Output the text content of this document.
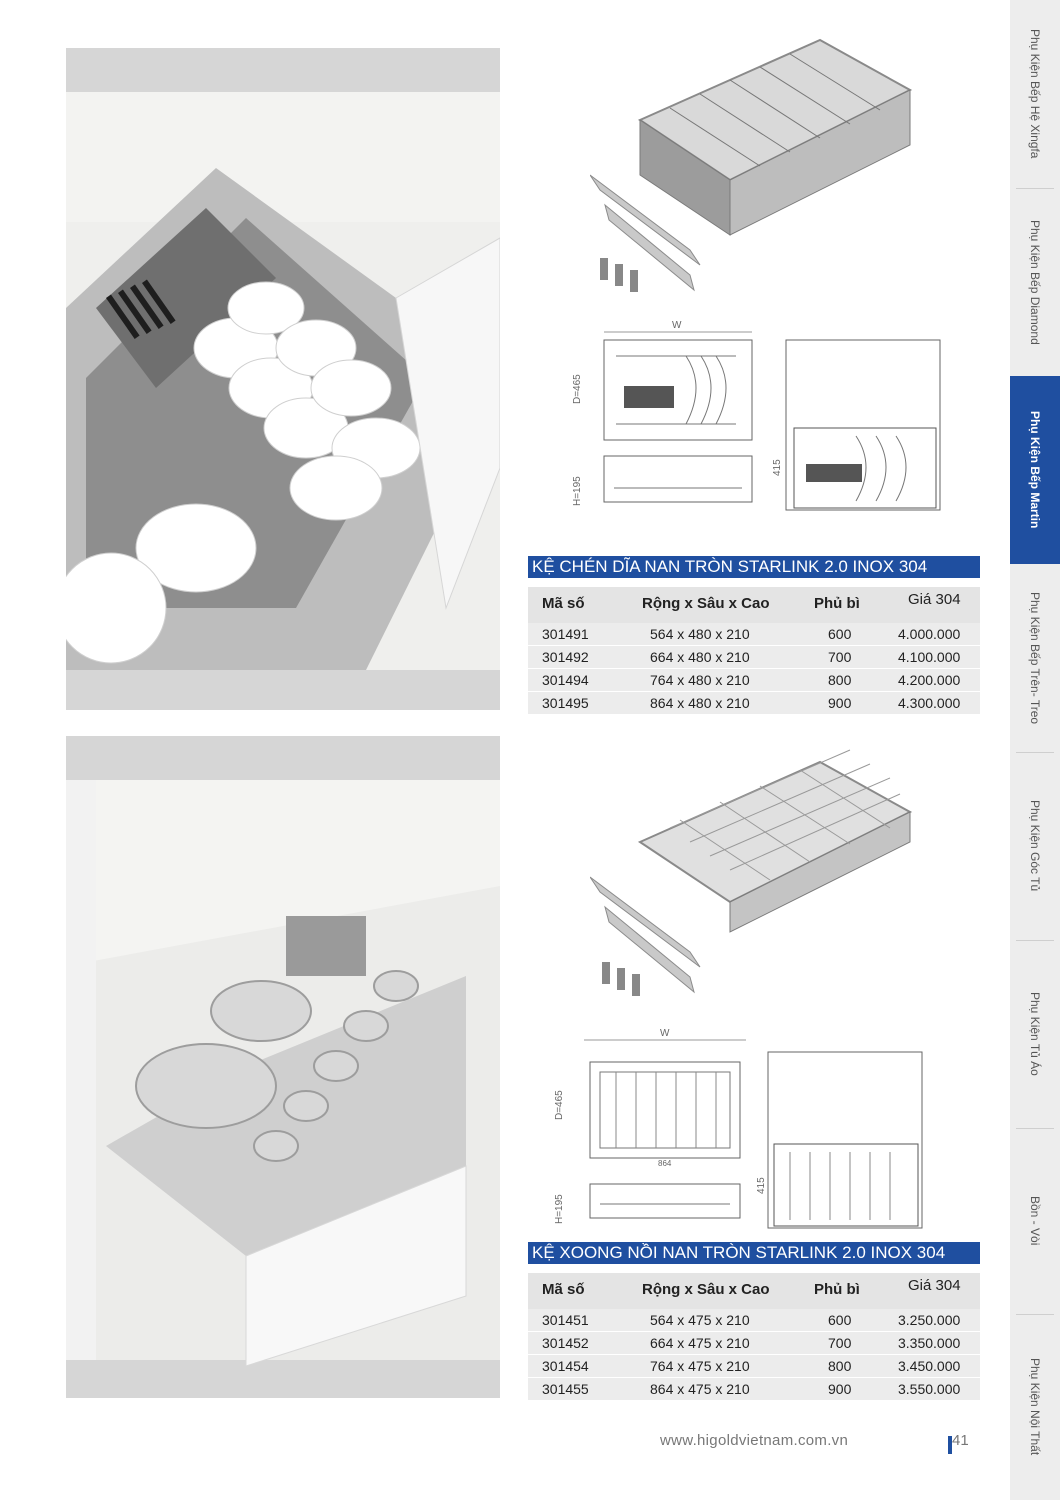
W
D=465
H=195
415
KỆ CHÉN DĨA NAN TRÒN STARLINK 2.0 INOX 304
Mã số	Rộng x Sâu x Cao	Phủ bì	Giá 304
301491	564 x 480 x 210	600	4.000.000
301492	664 x 480 x 210	700	4.100.000
301494	764 x 480 x 210	800	4.200.000
301495	864 x 480 x 210	900	4.300.000
W
864
D=465
H=195
415
KỆ XOONG NỒI NAN TRÒN STARLINK 2.0 INOX 304
Mã số	Rộng x Sâu x Cao	Phủ bì	Giá 304
301451	564 x 475 x 210	600	3.250.000
301452	664 x 475 x 210	700	3.350.000
301454	764 x 475 x 210	800	3.450.000
301455	864 x 475 x 210	900	3.550.000
www.higoldvietnam.com.vn	41
Phụ Kiện Bếp Hệ Xingfa
Phụ Kiện Bếp Diamond
Phụ Kiện Bếp Martin
Phụ Kiện Bếp Trên- Treo
Phụ Kiện Góc Tủ
Phụ Kiện Tủ Áo
Bồn - Vòi
Phụ Kiện Nội Thất
